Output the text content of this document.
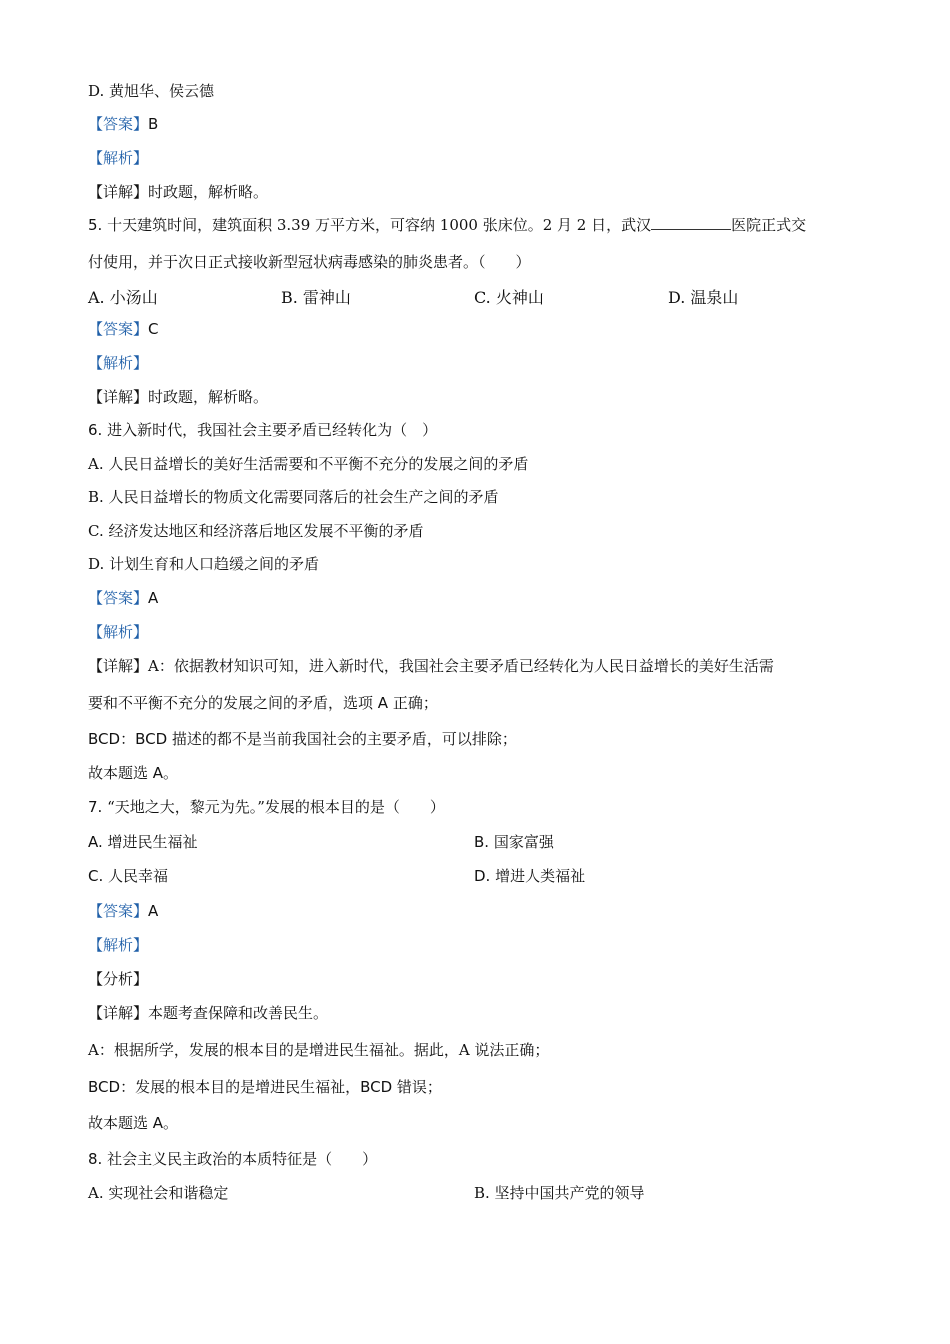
D. 黄旭华、侯云德
【答案】B
【解析】
【详解】时政题，解析略。
5. 十天建筑时间，建筑面积 3.39 万平方米，可容纳 1000 张床位。2 月 2 日，武汉	医院正式交
付使用，并于次日正式接收新型冠状病毒感染的肺炎患者。（　　）
A. 小汤山	B. 雷神山	C. 火神山	D. 温泉山
【答案】C
【解析】
【详解】时政题，解析略。
6. 进入新时代，我国社会主要矛盾已经转化为（　）
A. 人民日益增长的美好生活需要和不平衡不充分的发展之间的矛盾
B. 人民日益增长的物质文化需要同落后的社会生产之间的矛盾
C. 经济发达地区和经济落后地区发展不平衡的矛盾
D. 计划生育和人口趋缓之间的矛盾
【答案】A
【解析】
【详解】A：依据教材知识可知，进入新时代，我国社会主要矛盾已经转化为人民日益增长的美好生活需
要和不平衡不充分的发展之间的矛盾，选项 A 正确；
BCD：BCD 描述的都不是当前我国社会的主要矛盾，可以排除；
故本题选 A。
7. “天地之大，黎元为先。”发展的根本目的是（　　）
A. 增进民生福祉	B. 国家富强
C. 人民幸福	D. 增进人类福祉
【答案】A
【解析】
【分析】
【详解】本题考查保障和改善民生。
A：根据所学，发展的根本目的是增进民生福祉。据此，A 说法正确；
BCD：发展的根本目的是增进民生福祉，BCD 错误；
故本题选 A。
8. 社会主义民主政治的本质特征是（　　）
A. 实现社会和谐稳定	B. 坚持中国共产党的领导
